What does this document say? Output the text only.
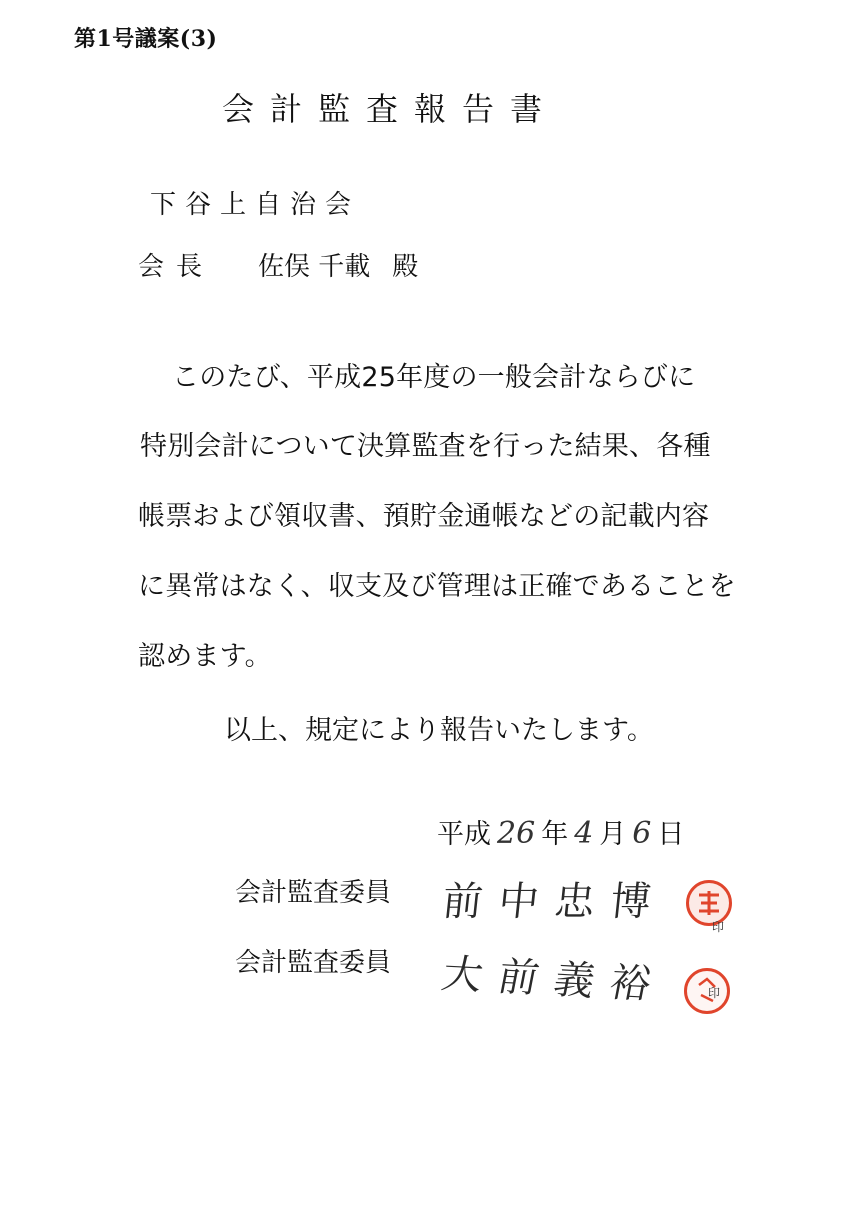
第1号議案(3)
会計監査報告書
下谷上自治会
会長 佐俣 千載 殿
このたび、平成25年度の一般会計ならびに
特別会計について決算監査を行った結果、各種
帳票および領収書、預貯金通帳などの記載内容
に異常はなく、収支及び管理は正確であることを
認めます。
以上、規定により報告いたします。
平成 26 年 4 月 6 日
会計監査委員 前中忠博
印
会計監査委員 大前義裕	印
